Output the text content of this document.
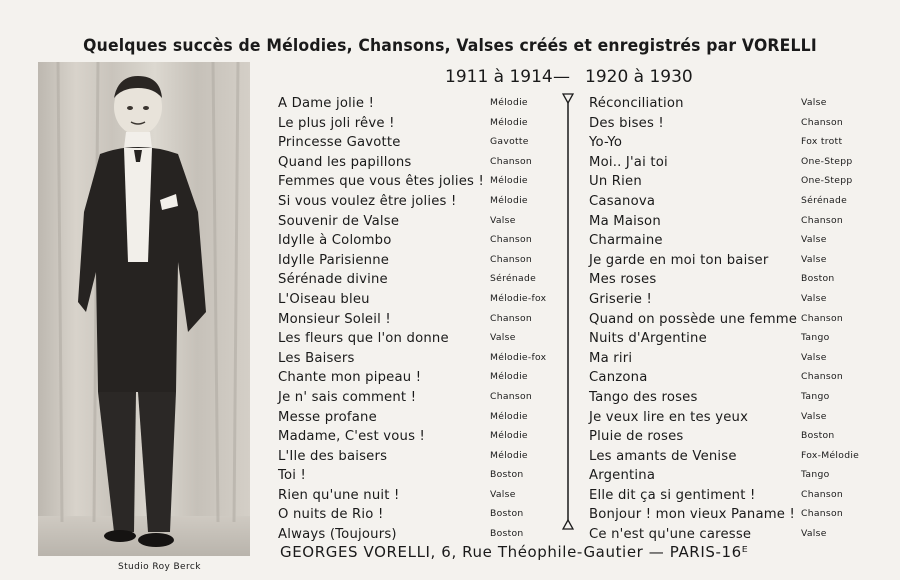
Quelques succès de Mélodies, Chansons, Valses créés et enregistrés par VORELLI
Studio Roy Berck
1911 à 1914 — 1920 à 1930
A Dame jolie !	Mélodie
Le plus joli rêve !	Mélodie
Princesse Gavotte	Gavotte
Quand les papillons	Chanson
Femmes que vous êtes jolies ! Mélodie
Si vous voulez être jolies !	Mélodie
Souvenir de Valse	Valse
Idylle à Colombo	Chanson
Idylle Parisienne	Chanson
Sérénade divine	Sérénade
L'Oiseau bleu	Mélodie-fox
Monsieur Soleil !	Chanson
Les fleurs que l'on donne	Valse
Les Baisers	Mélodie-fox
Chante mon pipeau !	Mélodie
Je n' sais comment !	Chanson
Messe profane	Mélodie
Madame, C'est vous !	Mélodie
L'Ile des baisers	Mélodie
Toi !	Boston
Rien qu'une nuit !	Valse
O nuits de Rio !	Boston
Always (Toujours)	Boston
Réconciliation	Valse
Des bises !	Chanson
Yo-Yo	Fox trott
Moi.. J'ai toi	One-Stepp
Un Rien	One-Stepp
Casanova	Sérénade
Ma Maison	Chanson
Charmaine	Valse
Je garde en moi ton baiser	Valse
Mes roses	Boston
Griserie !	Valse
Quand on possède une femme Chanson
Nuits d'Argentine	Tango
Ma riri	Valse
Canzona	Chanson
Tango des roses	Tango
Je veux lire en tes yeux	Valse
Pluie de roses	Boston
Les amants de Venise	Fox-Mélodie
Argentina	Tango
Elle dit ça si gentiment !	Chanson
Bonjour ! mon vieux Paname ! Chanson
Ce n'est qu'une caresse	Valse
GEORGES VORELLI, 6, Rue Théophile-Gautier — PARIS-16ᴱ
